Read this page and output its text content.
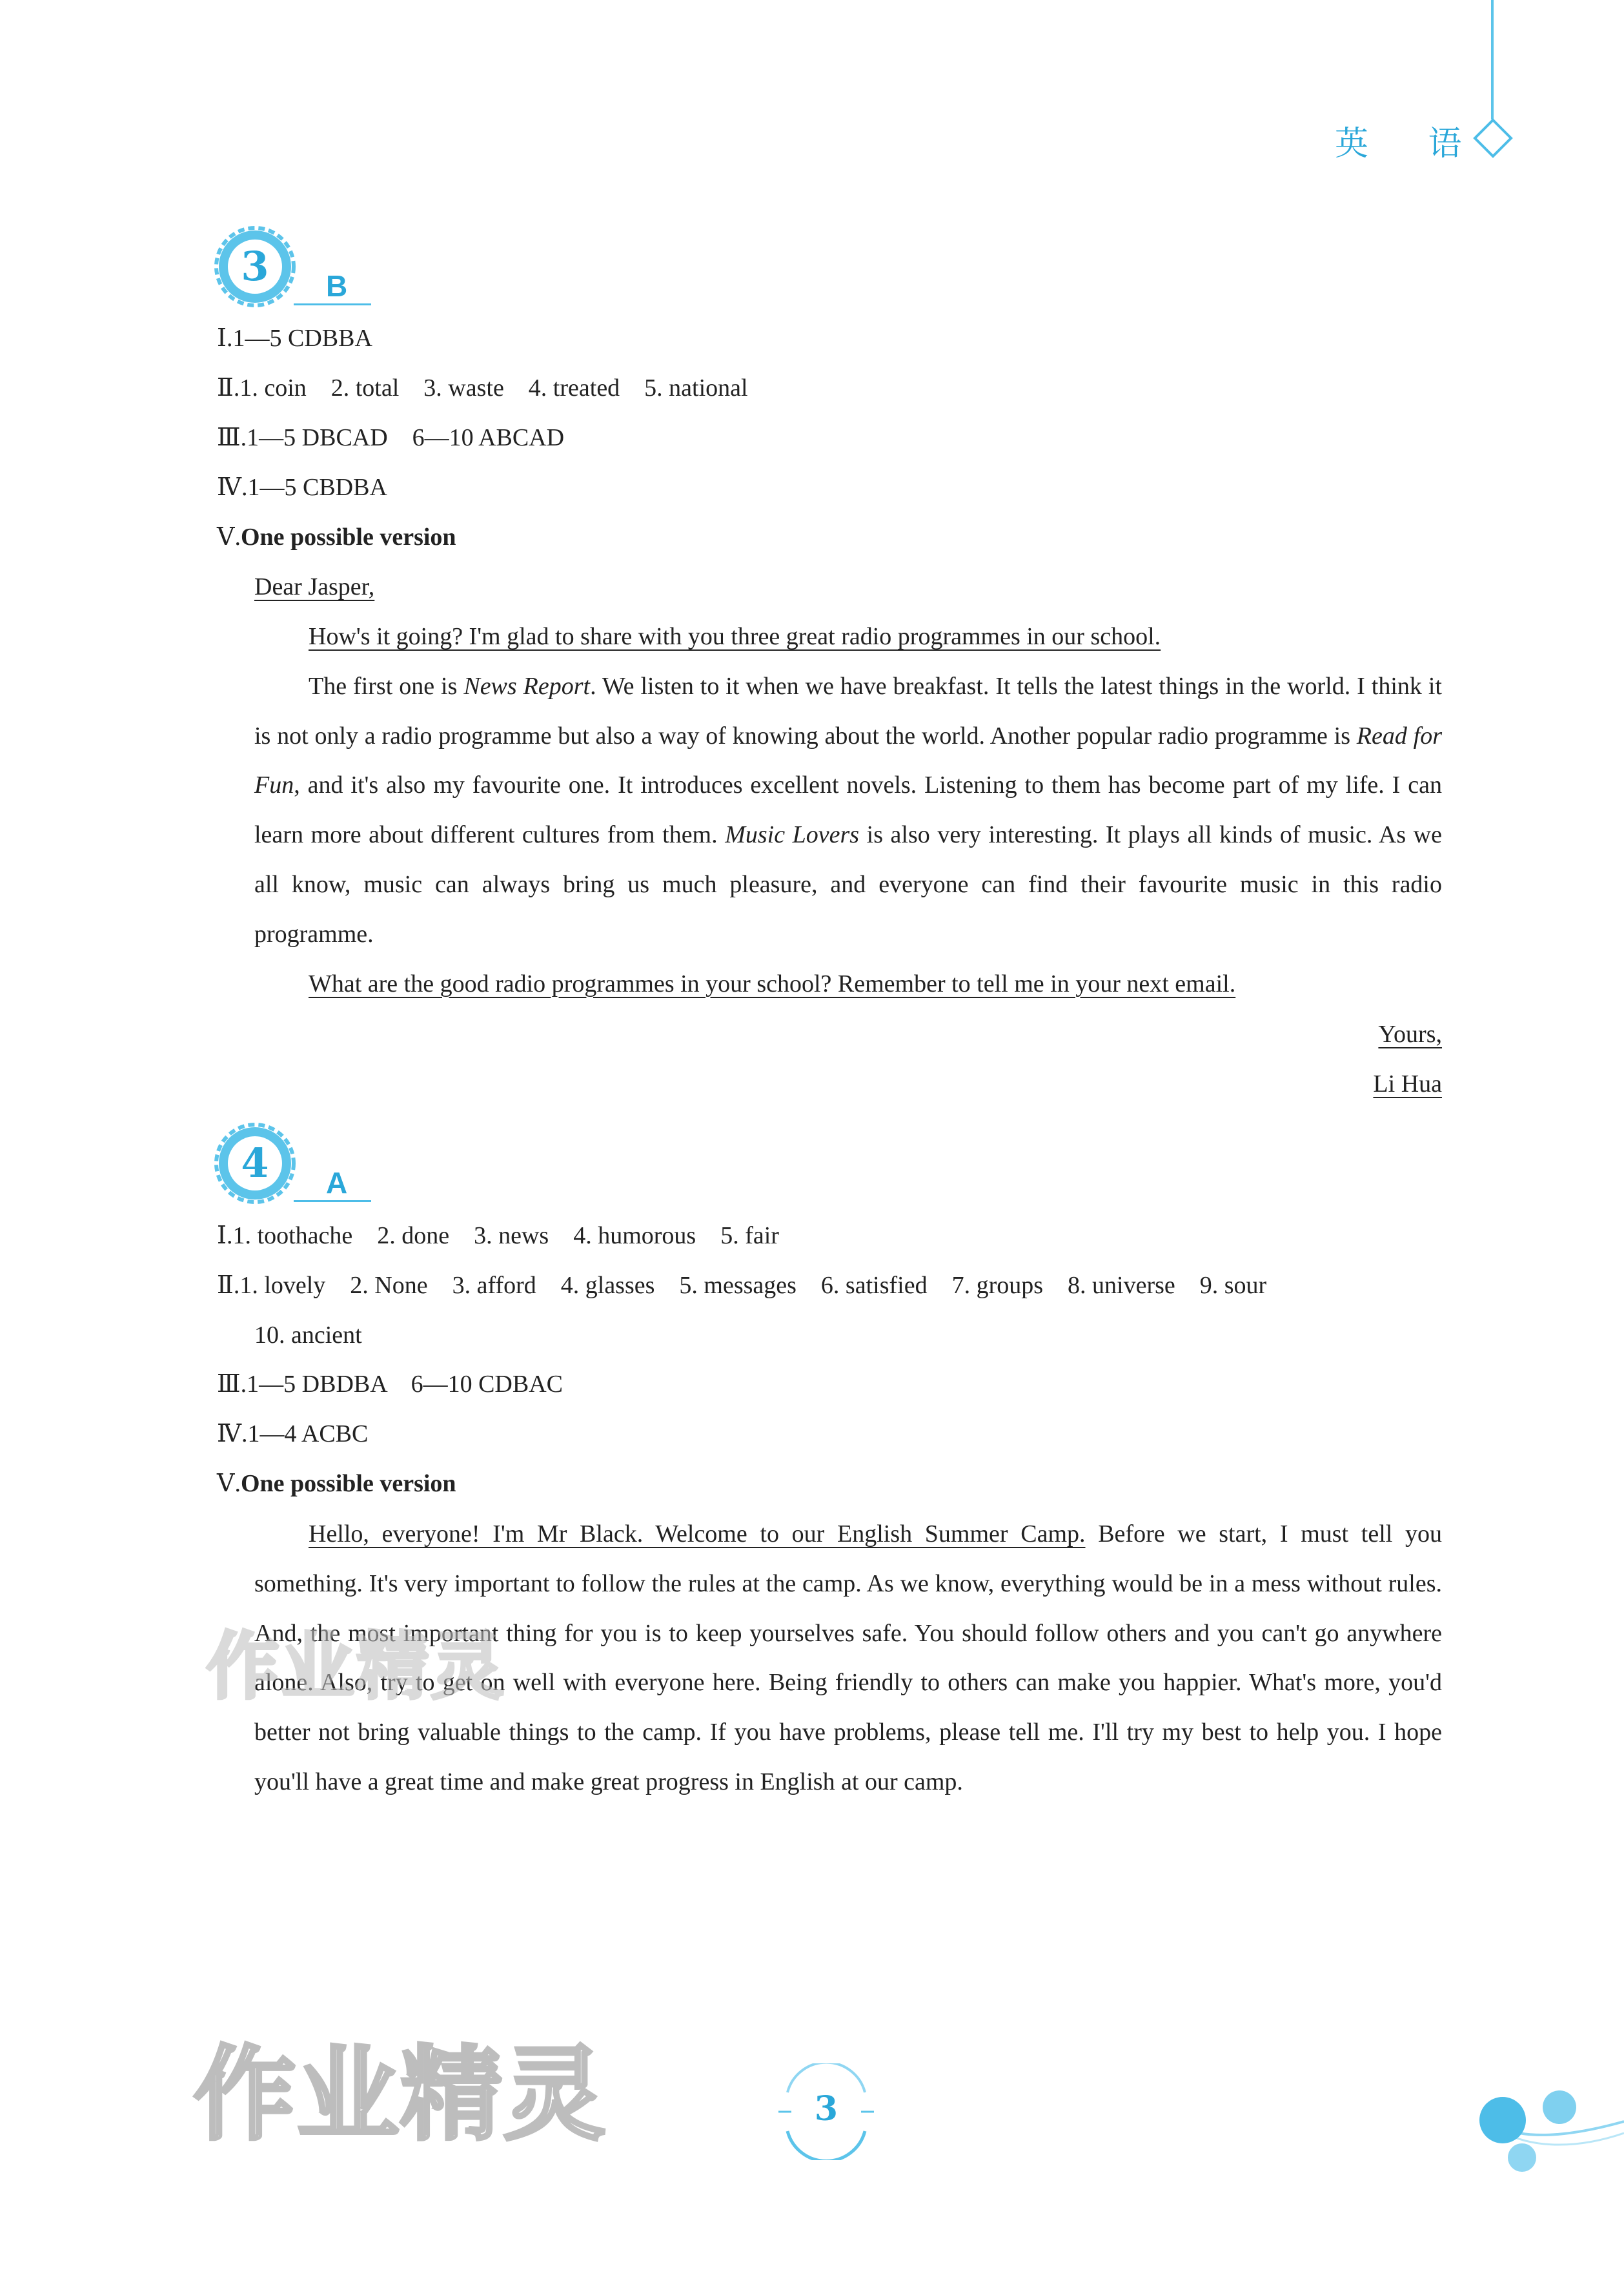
英 语
3 B
Ⅰ.1—5 CDBBA
Ⅱ.1. coin　2. total　3. waste　4. treated　5. national
Ⅲ.1—5 DBCAD　6—10 ABCAD
Ⅳ.1—5 CBDBA
Ⅴ.One possible version
Dear Jasper,

How's it going? I'm glad to share with you three great radio programmes in our school.

The first one is News Report. We listen to it when we have breakfast. It tells the latest things in the world. I think it is not only a radio programme but also a way of knowing about the world. Another popular radio programme is Read for Fun, and it's also my favourite one. It introduces excellent novels. Listening to them has become part of my life. I can learn more about different cultures from them. Music Lovers is also very interesting. It plays all kinds of music. As we all know, music can always bring us much pleasure, and everyone can find their favourite music in this radio programme.

What are the good radio programmes in your school? Remember to tell me in your next email.

Yours,
Li Hua
4 A
Ⅰ.1. toothache　2. done　3. news　4. humorous　5. fair
Ⅱ.1. lovely　2. None　3. afford　4. glasses　5. messages　6. satisfied　7. groups　8. universe　9. sour
10. ancient
Ⅲ.1—5 DBDBA　6—10 CDBAC
Ⅳ.1—4 ACBC
Ⅴ.One possible version

Hello, everyone! I'm Mr Black. Welcome to our English Summer Camp. Before we start, I must tell you something. It's very important to follow the rules at the camp. As we know, everything would be in a mess without rules. And, the most important thing for you is to keep yourselves safe. You should follow others and you can't go anywhere alone. Also, try to get on well with everyone here. Being friendly to others can make you happier. What's more, you'd better not bring valuable things to the camp. If you have problems, please tell me. I'll try my best to help you. I hope you'll have a great time and make great progress in English at our camp.

作业精灵
作业精灵	3
